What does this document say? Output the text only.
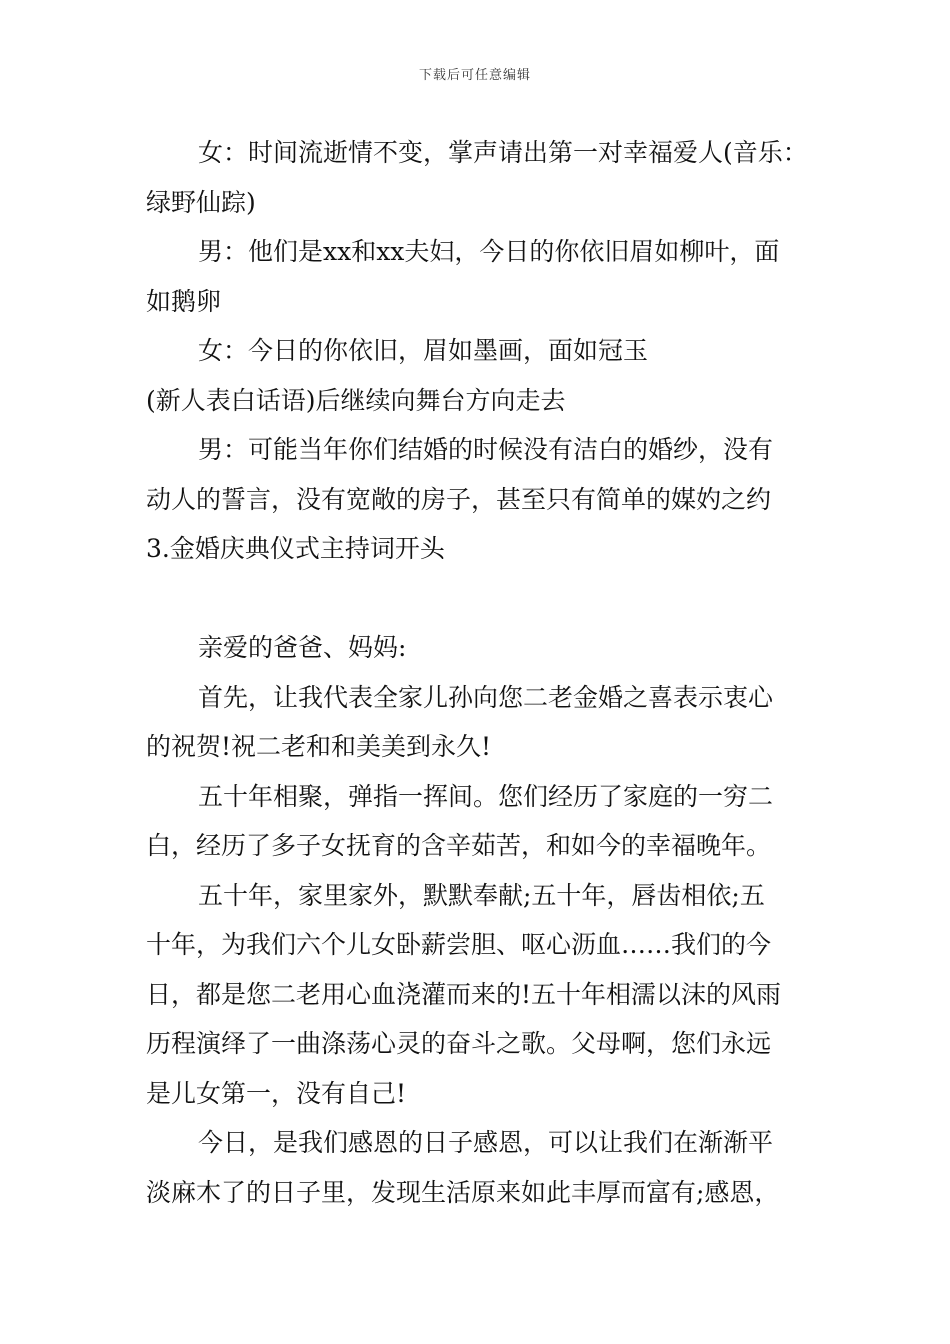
下载后可任意编辑
女：时间流逝情不变，掌声请出第一对幸福爱人(音乐：
绿野仙踪)
男：他们是xx和xx夫妇，今日的你依旧眉如柳叶，面
如鹅卵
女：今日的你依旧，眉如墨画，面如冠玉
(新人表白话语)后继续向舞台方向走去
男：可能当年你们结婚的时候没有洁白的婚纱，没有
动人的誓言，没有宽敞的房子，甚至只有简单的媒妁之约
3.金婚庆典仪式主持词开头
亲爱的爸爸、妈妈:
首先，让我代表全家儿孙向您二老金婚之喜表示衷心
的祝贺!祝二老和和美美到永久!
五十年相聚，弹指一挥间。您们经历了家庭的一穷二
白，经历了多子女抚育的含辛茹苦，和如今的幸福晚年。
五十年，家里家外，默默奉献;五十年，唇齿相依;五
十年，为我们六个儿女卧薪尝胆、呕心沥血……我们的今
日，都是您二老用心血浇灌而来的!五十年相濡以沫的风雨
历程演绎了一曲涤荡心灵的奋斗之歌。父母啊，您们永远
是儿女第一，没有自己!
今日，是我们感恩的日子感恩，可以让我们在渐渐平
淡麻木了的日子里，发现生活原来如此丰厚而富有;感恩，
